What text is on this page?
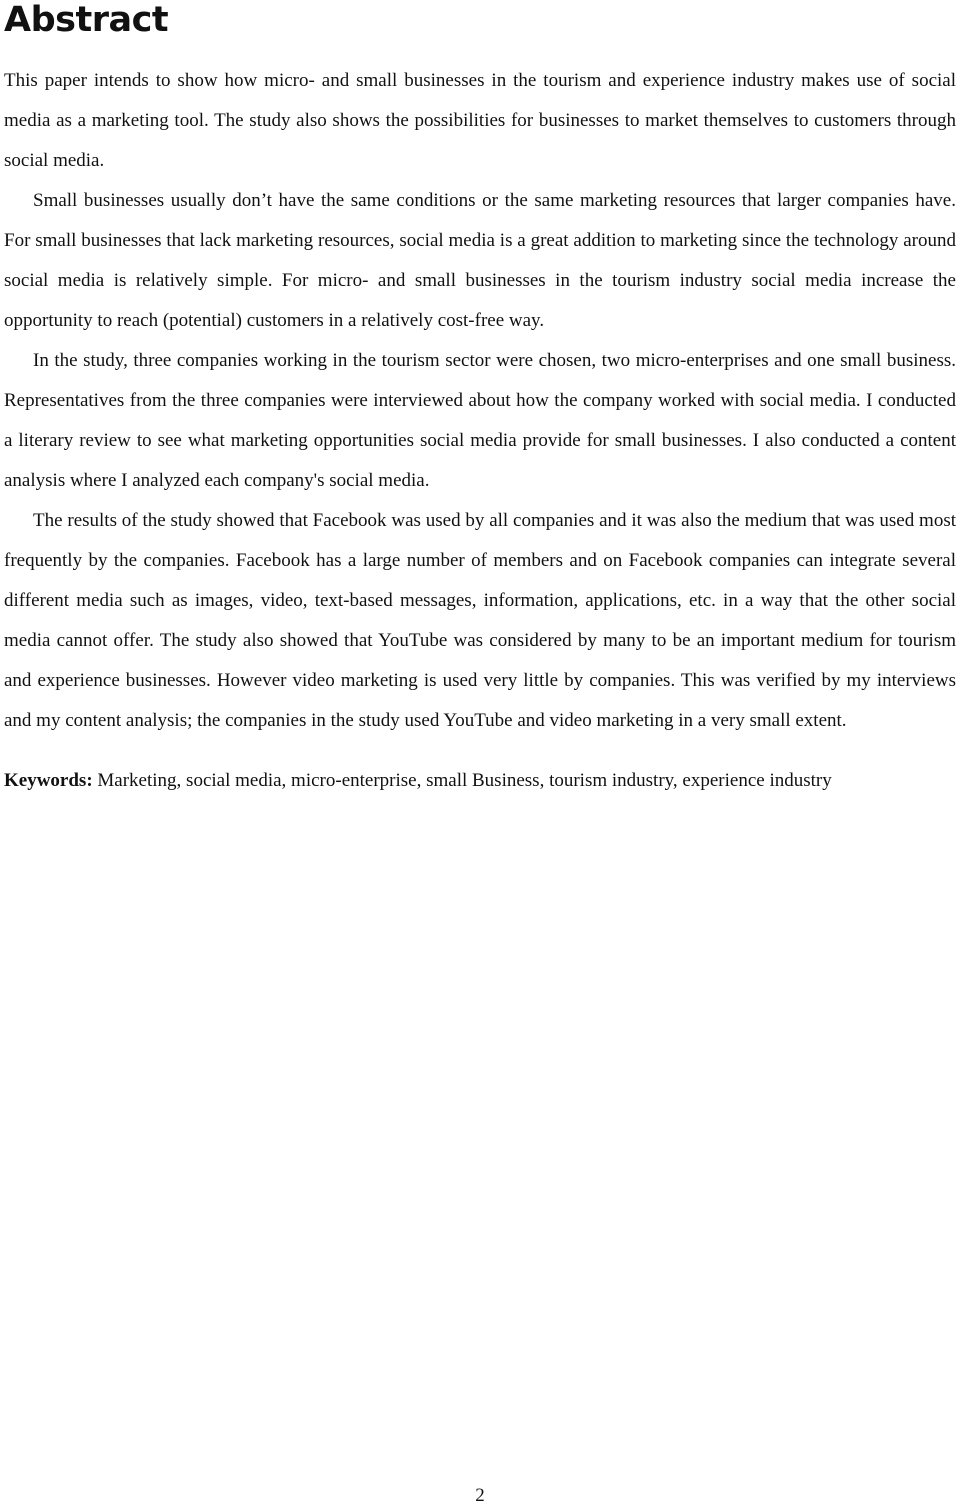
Abstract

This paper intends to show how micro- and small businesses in the tourism and experience industry makes use of social media as a marketing tool. The study also shows the possibilities for businesses to market themselves to customers through social media.

Small businesses usually don’t have the same conditions or the same marketing resources that larger companies have. For small businesses that lack marketing resources, social media is a great addition to marketing since the technology around social media is relatively simple. For micro- and small businesses in the tourism industry social media increase the opportunity to reach (potential) customers in a relatively cost-free way.

In the study, three companies working in the tourism sector were chosen, two micro-enterprises and one small business. Representatives from the three companies were interviewed about how the company worked with social media. I conducted a literary review to see what marketing opportunities social media provide for small businesses. I also conducted a content analysis where I analyzed each company's social media.

The results of the study showed that Facebook was used by all companies and it was also the medium that was used most frequently by the companies. Facebook has a large number of members and on Facebook companies can integrate several different media such as images, video, text-based messages, information, applications, etc. in a way that the other social media cannot offer. The study also showed that YouTube was considered by many to be an important medium for tourism and experience businesses. However video marketing is used very little by companies. This was verified by my interviews and my content analysis; the companies in the study used YouTube and video marketing in a very small extent.

Keywords: Marketing, social media, micro-enterprise, small Business, tourism industry, experience industry

2
